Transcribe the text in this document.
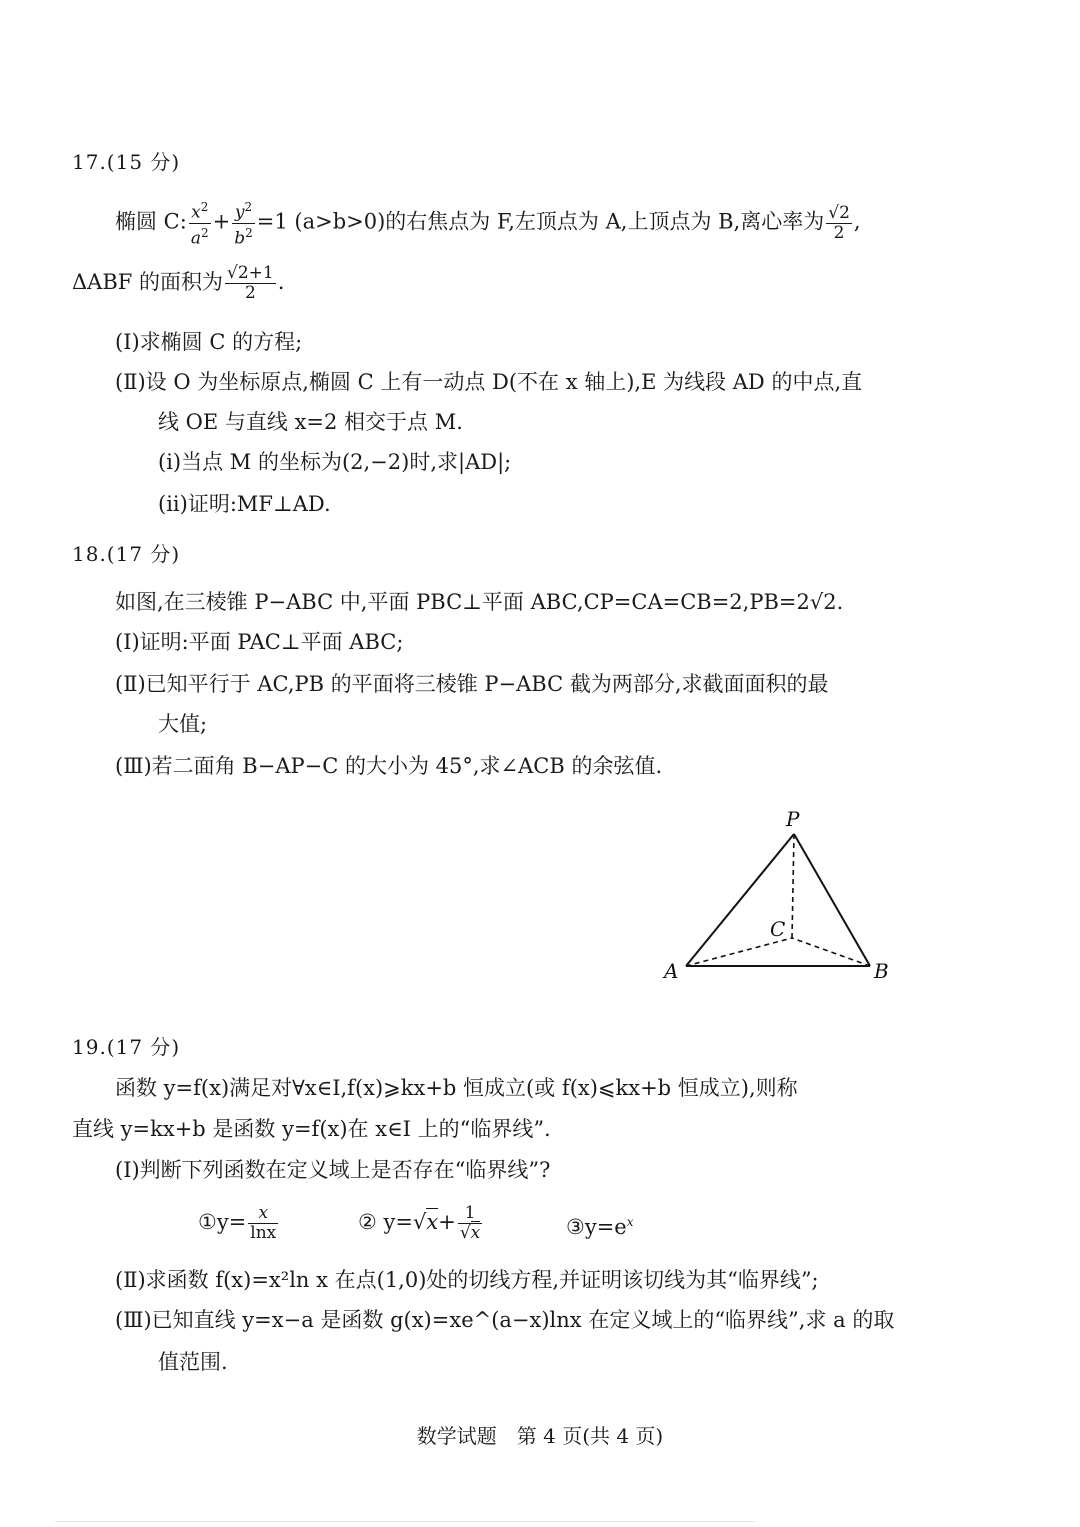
17.(15 分)
椭圆 C: $\frac{x^2}{a^2} + \frac{y^2}{b^2} =1$ (a>b>0)的右焦点为 F,左顶点为 A,上顶点为 B,离心率为 $\frac{√2}{2}$ ,
ΔABF 的面积为 $\frac{√2+1}{2}$ .
(Ⅰ)求椭圆 C 的方程;
(Ⅱ)设 O 为坐标原点,椭圆 C 上有一动点 D(不在 x 轴上),E 为线段 AD 的中点,直
线 OE 与直线 x=2 相交于点 M.
(i)当点 M 的坐标为(2,−2)时,求|AD|;
(ii)证明:MF⊥AD.
18.(17 分)
如图,在三棱锥 P−ABC 中,平面 PBC⊥平面 ABC,CP=CA=CB=2,PB=2√2.
(Ⅰ)证明:平面 PAC⊥平面 ABC;
(Ⅱ)已知平行于 AC,PB 的平面将三棱锥 P−ABC 截为两部分,求截面面积的最
大值;
(Ⅲ)若二面角 B−AP−C 的大小为 45°,求∠ACB 的余弦值.
P
C
A	B
19.(17 分)
函数 y=f(x)满足对∀x∈I,f(x)⩾kx+b 恒成立(或 f(x)⩽kx+b 恒成立),则称
直线 y=kx+b 是函数 y=f(x)在 x∈I 上的“临界线”.
(Ⅰ)判断下列函数在定义域上是否存在“临界线”?
①y= $\frac{x}{\ln x}$	② $y=√x+ \frac{1}{√x}$	$③y=e^x$
(Ⅱ)求函数 f(x)=x²ln x 在点(1,0)处的切线方程,并证明该切线为其“临界线”;
(Ⅲ)已知直线 y=x−a 是函数 g(x)=xe^(a−x)lnx 在定义域上的“临界线”,求 a 的取
值范围.
数学试题　第 4 页(共 4 页)
